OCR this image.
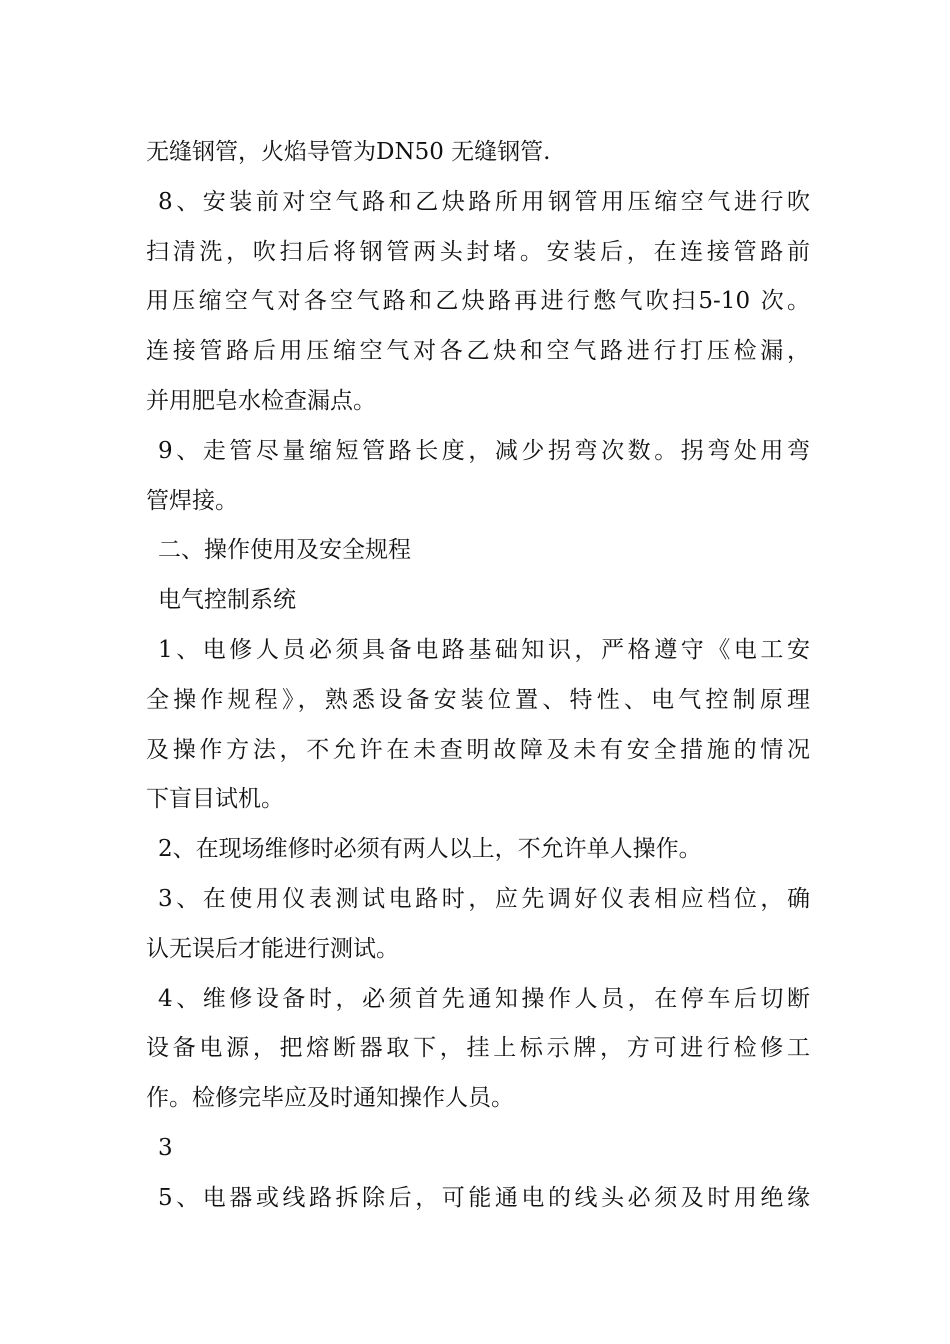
无缝钢管，火焰导管为DN50 无缝钢管.
8、安装前对空气路和乙炔路所用钢管用压缩空气进行吹
扫清洗，吹扫后将钢管两头封堵。安装后，在连接管路前
用压缩空气对各空气路和乙炔路再进行憋气吹扫5-10 次。
连接管路后用压缩空气对各乙炔和空气路进行打压检漏，
并用肥皂水检查漏点。
9、走管尽量缩短管路长度，减少拐弯次数。拐弯处用弯
管焊接。
二、操作使用及安全规程
电气控制系统
1、电修人员必须具备电路基础知识，严格遵守《电工安
全操作规程》，熟悉设备安装位置、特性、电气控制原理
及操作方法，不允许在未查明故障及未有安全措施的情况
下盲目试机。
2、在现场维修时必须有两人以上，不允许单人操作。
3、在使用仪表测试电路时，应先调好仪表相应档位，确
认无误后才能进行测试。
4、维修设备时，必须首先通知操作人员，在停车后切断
设备电源，把熔断器取下，挂上标示牌，方可进行检修工
作。检修完毕应及时通知操作人员。
3
5、电器或线路拆除后，可能通电的线头必须及时用绝缘
